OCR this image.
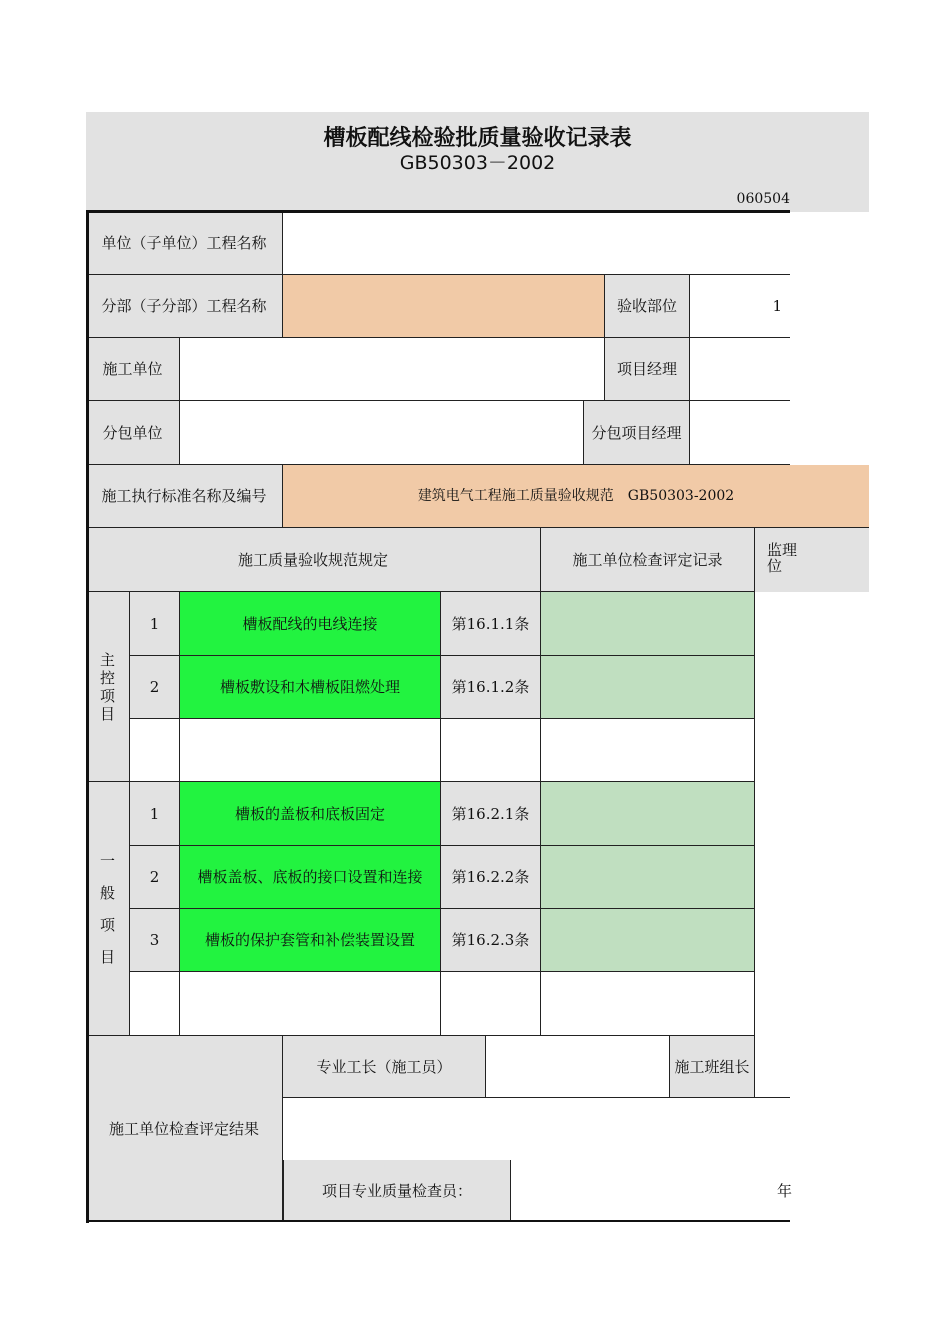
槽板配线检验批质量验收记录表
GB50303－2002
060504
单位（子单位）工程名称
分部（子分部）工程名称	验收部位	1
施工单位	项目经理
分包单位	分包项目经理
施工执行标准名称及编号	建筑电气工程施工质量验收规范　GB50303-2002
施工质量验收规范规定	施工单位检查评定记录
监理
位
主
控
项
目
1	槽板配线的电线连接	第16.1.1条
2	槽板敷设和木槽板阻燃处理	第16.1.2条
一
般
项
目
1	槽板的盖板和底板固定	第16.2.1条
2	槽板盖板、底板的接口设置和连接	第16.2.2条
3	槽板的保护套管和补偿装置设置	第16.2.3条
施工单位检查评定结果
专业工长（施工员）	施工班组长
项目专业质量检查员：	年
